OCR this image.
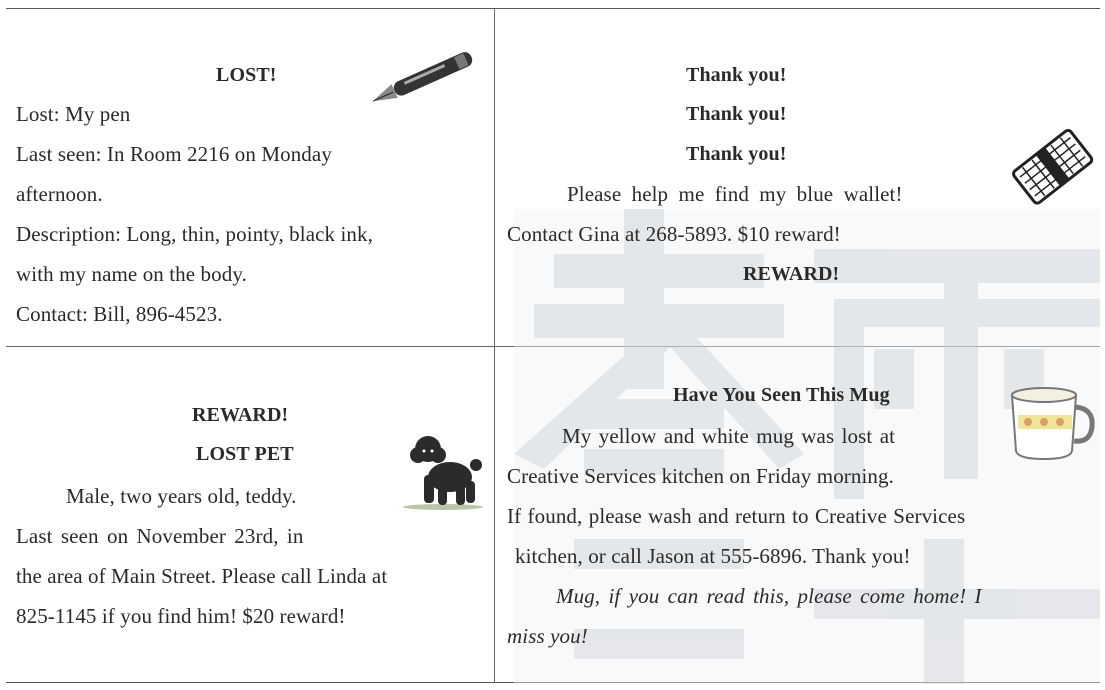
LOST!
Lost: My pen
Last seen: In Room 2216 on Monday
afternoon.
Description: Long, thin, pointy, black ink,
with my name on the body.
Contact: Bill, 896-4523.
Thank you!
Thank you!
Thank you!
Please help me find my blue wallet!
Contact Gina at 268-5893. $10 reward!
REWARD!
REWARD!
LOST PET
Male, two years old, teddy.
Last seen on November 23rd, in
the area of Main Street. Please call Linda at
825-1145 if you find him! $20 reward!
Have You Seen This Mug
My yellow and white mug was lost at
Creative Services kitchen on Friday morning.
If found, please wash and return to Creative Services
kitchen, or call Jason at 555-6896. Thank you!
Mug, if you can read this, please come home! I
miss you!
